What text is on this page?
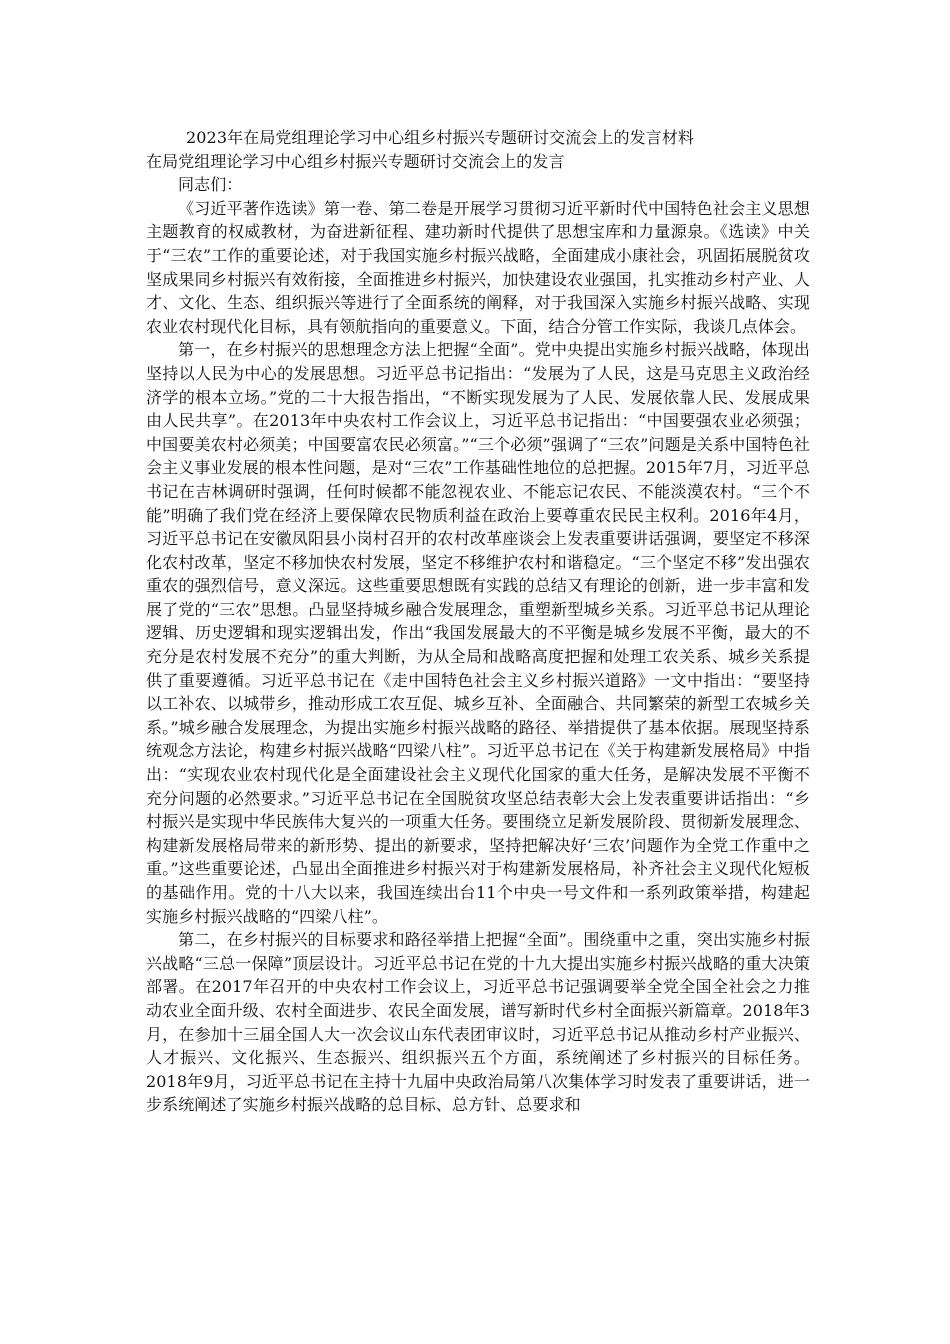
2023年在局党组理论学习中心组乡村振兴专题研讨交流会上的发言材料
在局党组理论学习中心组乡村振兴专题研讨交流会上的发言

同志们：

《习近平著作选读》第一卷、第二卷是开展学习贯彻习近平新时代中国特色社会主义思想主题教育的权威教材，为奋进新征程、建功新时代提供了思想宝库和力量源泉。《选读》中关于“三农”工作的重要论述，对于我国实施乡村振兴战略，全面建成小康社会，巩固拓展脱贫攻坚成果同乡村振兴有效衔接，全面推进乡村振兴，加快建设农业强国，扎实推动乡村产业、人才、文化、生态、组织振兴等进行了全面系统的阐释，对于我国深入实施乡村振兴战略、实现农业农村现代化目标，具有领航指向的重要意义。下面，结合分管工作实际，我谈几点体会。

第一，在乡村振兴的思想理念方法上把握“全面”。党中央提出实施乡村振兴战略，体现出坚持以人民为中心的发展思想。习近平总书记指出：“发展为了人民，这是马克思主义政治经济学的根本立场。”党的二十大报告指出，“不断实现发展为了人民、发展依靠人民、发展成果由人民共享”。在2013年中央农村工作会议上，习近平总书记指出：“中国要强农业必须强；中国要美农村必须美；中国要富农民必须富。”“三个必须”强调了“三农”问题是关系中国特色社会主义事业发展的根本性问题，是对“三农”工作基础性地位的总把握。2015年7月，习近平总书记在吉林调研时强调，任何时候都不能忽视农业、不能忘记农民、不能淡漠农村。“三个不能”明确了我们党在经济上要保障农民物质利益在政治上要尊重农民民主权利。2016年4月，习近平总书记在安徽凤阳县小岗村召开的农村改革座谈会上发表重要讲话强调，要坚定不移深化农村改革，坚定不移加快农村发展，坚定不移维护农村和谐稳定。“三个坚定不移”发出强农重农的强烈信号，意义深远。这些重要思想既有实践的总结又有理论的创新，进一步丰富和发展了党的“三农”思想。凸显坚持城乡融合发展理念，重塑新型城乡关系。习近平总书记从理论逻辑、历史逻辑和现实逻辑出发，作出“我国发展最大的不平衡是城乡发展不平衡，最大的不充分是农村发展不充分”的重大判断，为从全局和战略高度把握和处理工农关系、城乡关系提供了重要遵循。习近平总书记在《走中国特色社会主义乡村振兴道路》一文中指出：“要坚持以工补农、以城带乡，推动形成工农互促、城乡互补、全面融合、共同繁荣的新型工农城乡关系。”城乡融合发展理念，为提出实施乡村振兴战略的路径、举措提供了基本依据。展现坚持系统观念方法论，构建乡村振兴战略“四梁八柱”。习近平总书记在《关于构建新发展格局》中指出：“实现农业农村现代化是全面建设社会主义现代化国家的重大任务，是解决发展不平衡不充分问题的必然要求。”习近平总书记在全国脱贫攻坚总结表彰大会上发表重要讲话指出：“乡村振兴是实现中华民族伟大复兴的一项重大任务。要围绕立足新发展阶段、贯彻新发展理念、构建新发展格局带来的新形势、提出的新要求，坚持把解决好‘三农’问题作为全党工作重中之重。”这些重要论述，凸显出全面推进乡村振兴对于构建新发展格局，补齐社会主义现代化短板的基础作用。党的十八大以来，我国连续出台11个中央一号文件和一系列政策举措，构建起实施乡村振兴战略的“四梁八柱”。

第二，在乡村振兴的目标要求和路径举措上把握“全面”。围绕重中之重，突出实施乡村振兴战略“三总一保障”顶层设计。习近平总书记在党的十九大提出实施乡村振兴战略的重大决策部署。在2017年召开的中央农村工作会议上，习近平总书记强调要举全党全国全社会之力推动农业全面升级、农村全面进步、农民全面发展，谱写新时代乡村全面振兴新篇章。2018年3月，在参加十三届全国人大一次会议山东代表团审议时，习近平总书记从推动乡村产业振兴、人才振兴、文化振兴、生态振兴、组织振兴五个方面，系统阐述了乡村振兴的目标任务。2018年9月，习近平总书记在主持十九届中央政治局第八次集体学习时发表了重要讲话，进一步系统阐述了实施乡村振兴战略的总目标、总方针、总要求和
